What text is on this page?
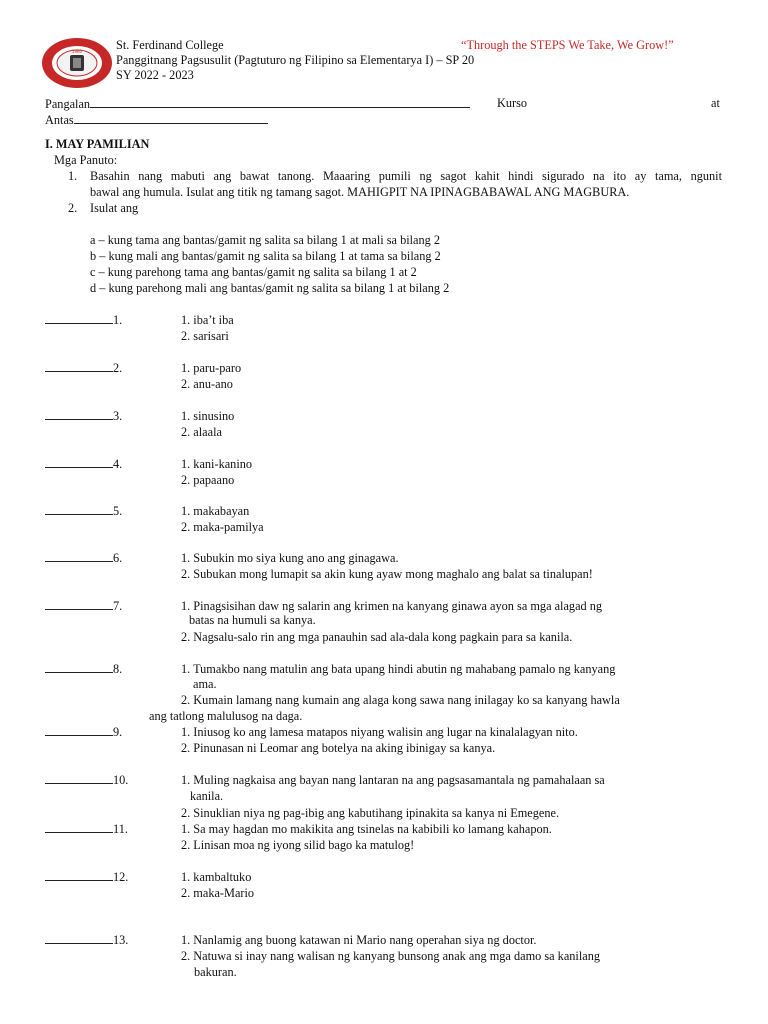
1960	St. Ferdinand College	“Through the STEPS We Take, We Grow!”
Panggitnang Pagsusulit (Pagtuturo ng Filipino sa Elementarya I) – SP 20
SY 2022 - 2023
Pangalan	Kurso	at
Antas
I. MAY PAMILIAN
Mga Panuto:
1. Basahin nang mabuti ang bawat tanong. Maaaring pumili ng sagot kahit hindi sigurado na ito ay tama, ngunit
bawal ang humula. Isulat ang titik ng tamang sagot. MAHIGPIT NA IPINAGBABAWAL ANG MAGBURA.
2. Isulat ang
a – kung tama ang bantas/gamit ng salita sa bilang 1 at mali sa bilang 2
b – kung mali ang bantas/gamit ng salita sa bilang 1 at tama sa bilang 2
c – kung parehong tama ang bantas/gamit ng salita sa bilang 1 at 2
d – kung parehong mali ang bantas/gamit ng salita sa bilang 1 at bilang 2
1.	1. iba’t iba
2. sarisari
2.	1. paru-paro
2. anu-ano
3.	1. sinusino
2. alaala
4.	1. kani-kanino
2. papaano
5.	1. makabayan
2. maka-pamilya
6.	1. Subukin mo siya kung ano ang ginagawa.
2. Subukan mong lumapit sa akin kung ayaw mong maghalo ang balat sa tinalupan!
7.	1. Pinagsisihan daw ng salarin ang krimen na kanyang ginawa ayon sa mga alagad ng
batas na humuli sa kanya.
2. Nagsalu-salo rin ang mga panauhin sad ala-dala kong pagkain para sa kanila.
8.	1. Tumakbo nang matulin ang bata upang hindi abutin ng mahabang pamalo ng kanyang
ama.
2. Kumain lamang nang kumain ang alaga kong sawa nang inilagay ko sa kanyang hawla
ang tatlong malulusog na daga.
9.	1. Iniusog ko ang lamesa matapos niyang walisin ang lugar na kinalalagyan nito.
2. Pinunasan ni Leomar ang botelya na aking ibinigay sa kanya.
10.	1. Muling nagkaisa ang bayan nang lantaran na ang pagsasamantala ng pamahalaan sa
kanila.
2. Sinuklian niya ng pag-ibig ang kabutihang ipinakita sa kanya ni Emegene.
11.	1. Sa may hagdan mo makikita ang tsinelas na kabibili ko lamang kahapon.
2. Linisan moa ng iyong silid bago ka matulog!
12.	1. kambaltuko
2. maka-Mario
13.	1. Nanlamig ang buong katawan ni Mario nang operahan siya ng doctor.
2. Natuwa si inay nang walisan ng kanyang bunsong anak ang mga damo sa kanilang
bakuran.
